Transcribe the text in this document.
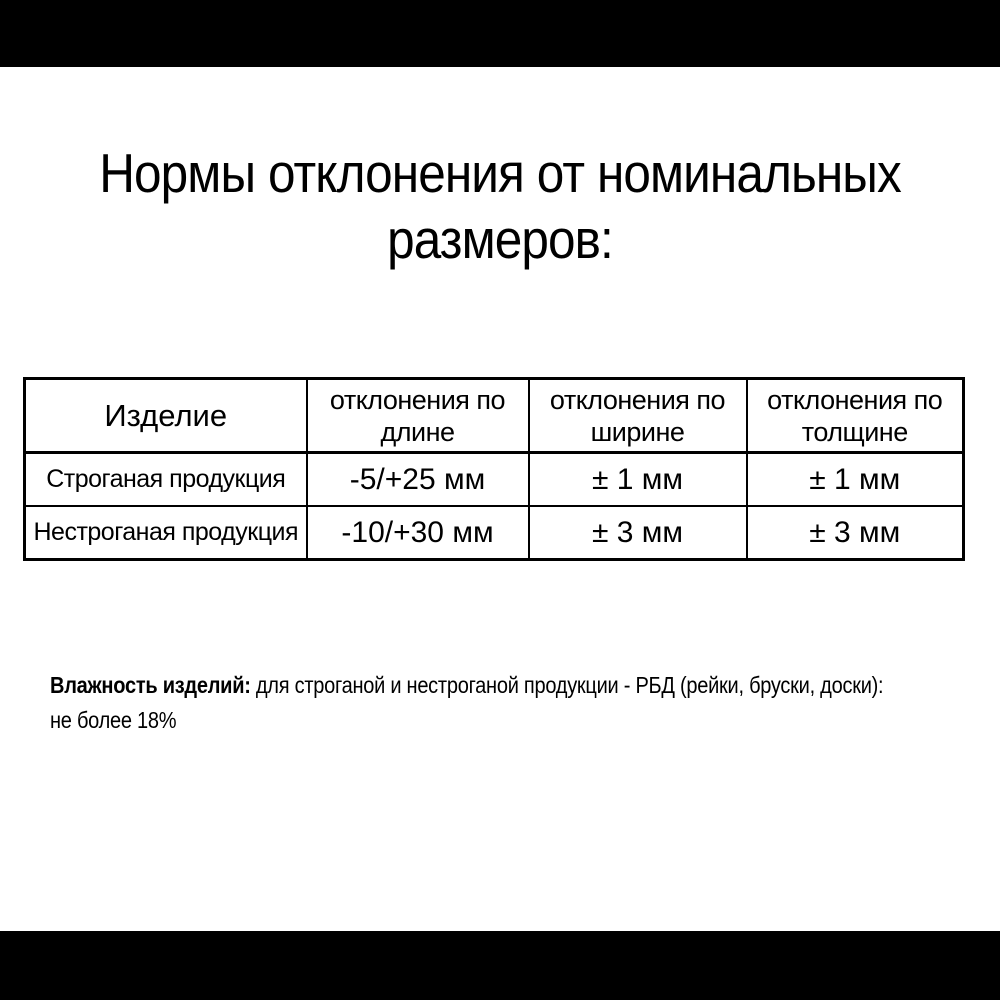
Нормы отклонения от номинальных
размеров:
Изделие	отклонения по длине	отклонения по ширине	отклонения по толщине
Строганая продукция	-5/+25 мм	± 1 мм	± 1 мм
Нестроганая продукция	-10/+30 мм	± 3 мм	± 3 мм
Влажность изделий: для строганой и нестроганой продукции - РБД (рейки, бруски, доски):
не более 18%
